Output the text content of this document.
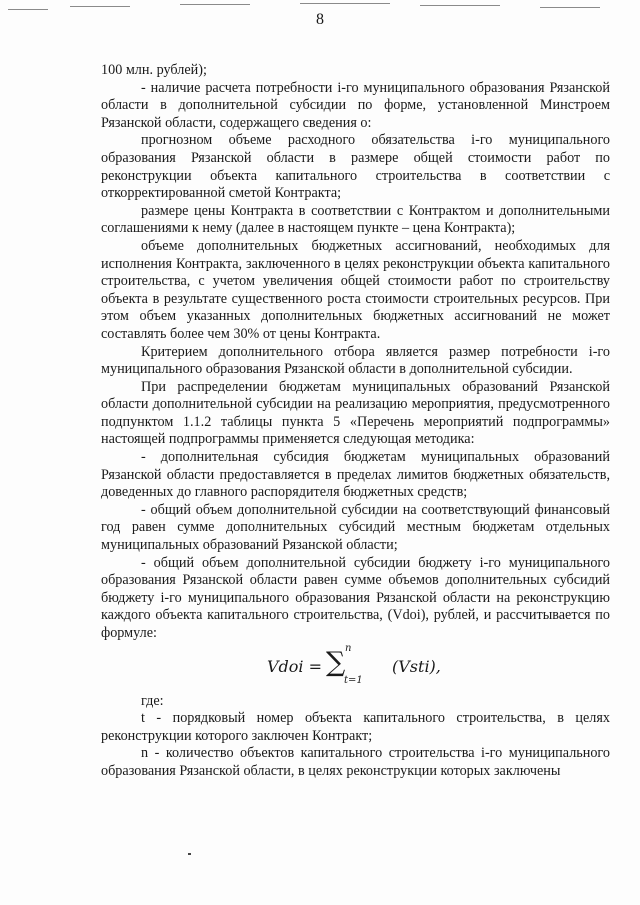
8

100 млн. рублей);

- наличие расчета потребности i-го муниципального образования Рязанской области в дополнительной субсидии по форме, установленной Минстроем Рязанской области, содержащего сведения о:

прогнозном объеме расходного обязательства i-го муниципального образования Рязанской области в размере общей стоимости работ по реконструкции объекта капитального строительства в соответствии с откорректированной сметой Контракта;

размере цены Контракта в соответствии с Контрактом и дополнительными соглашениями к нему (далее в настоящем пункте – цена Контракта);

объеме дополнительных бюджетных ассигнований, необходимых для исполнения Контракта, заключенного в целях реконструкции объекта капитального строительства, с учетом увеличения общей стоимости работ по строительству объекта в результате существенного роста стоимости строительных ресурсов. При этом объем указанных дополнительных бюджетных ассигнований не может составлять более чем 30% от цены Контракта.

Критерием дополнительного отбора является размер потребности i-го муниципального образования Рязанской области в дополнительной субсидии.

При распределении бюджетам муниципальных образований Рязанской области дополнительной субсидии на реализацию мероприятия, предусмотренного подпунктом 1.1.2 таблицы пункта 5 «Перечень мероприятий подпрограммы» настоящей подпрограммы применяется следующая методика:

- дополнительная субсидия бюджетам муниципальных образований Рязанской области предоставляется в пределах лимитов бюджетных обязательств, доведенных до главного распорядителя бюджетных средств;

- общий объем дополнительной субсидии на соответствующий финансовый год равен сумме дополнительных субсидий местным бюджетам отдельных муниципальных образований Рязанской области;

- общий объем дополнительной субсидии бюджету i-го муниципального образования Рязанской области равен сумме объемов дополнительных субсидий бюджету i-го муниципального образования Рязанской области на реконструкцию каждого объекта капитального строительства, (Vdoi), рублей, и рассчитывается по формуле:

Vdoi = ∑ n
t=1
(Vsti),

где:

t - порядковый номер объекта капитального строительства, в целях реконструкции которого заключен Контракт;

n - количество объектов капитального строительства i-го муниципального образования Рязанской области, в целях реконструкции которых заключены
